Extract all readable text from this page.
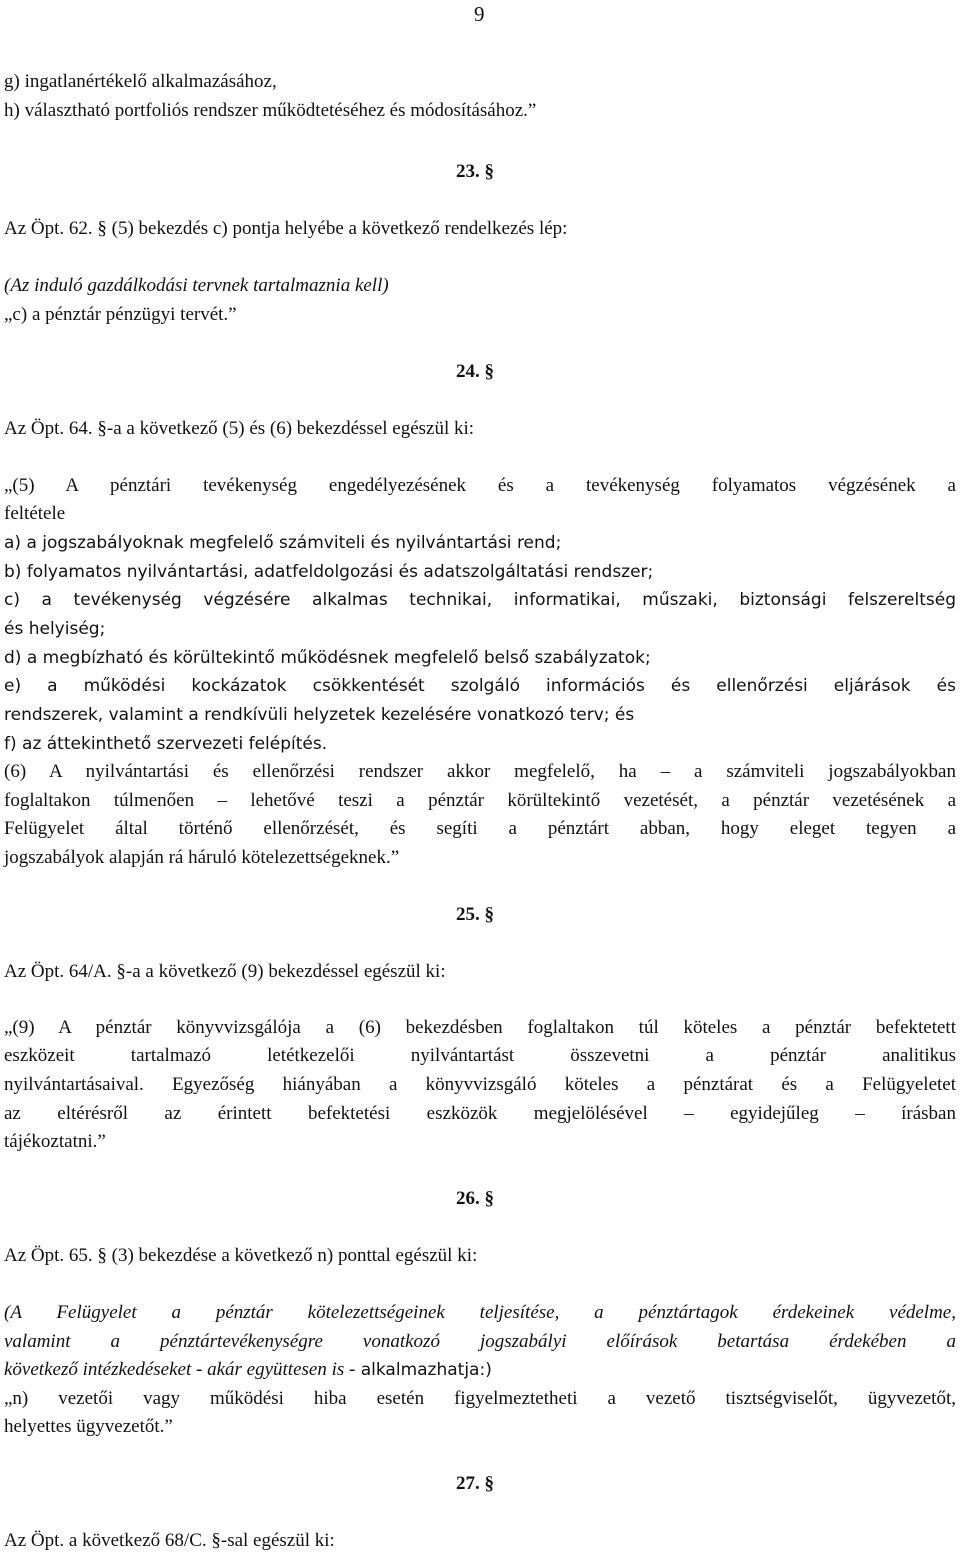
9
g) ingatlanértékelő alkalmazásához,
h) választható portfoliós rendszer működtetéséhez és módosításához.”
23. §
Az Öpt. 62. § (5) bekezdés c) pontja helyébe a következő rendelkezés lép:
(Az induló gazdálkodási tervnek tartalmaznia kell)
„c) a pénztár pénzügyi tervét.”
24. §
Az Öpt. 64. §-a a következő (5) és (6) bekezdéssel egészül ki:
„(5) A pénztári tevékenység engedélyezésének és a tevékenység folyamatos végzésének a
feltétele
a) a jogszabályoknak megfelelő számviteli és nyilvántartási rend;
b) folyamatos nyilvántartási, adatfeldolgozási és adatszolgáltatási rendszer;
c) a tevékenység végzésére alkalmas technikai, informatikai, műszaki, biztonsági felszereltség
és helyiség;
d) a megbízható és körültekintő működésnek megfelelő belső szabályzatok;
e) a működési kockázatok csökkentését szolgáló információs és ellenőrzési eljárások és
rendszerek, valamint a rendkívüli helyzetek kezelésére vonatkozó terv; és
f) az áttekinthető szervezeti felépítés.
(6) A nyilvántartási és ellenőrzési rendszer akkor megfelelő, ha – a számviteli jogszabályokban
foglaltakon túlmenően – lehetővé teszi a pénztár körültekintő vezetését, a pénztár vezetésének a
Felügyelet által történő ellenőrzését, és segíti a pénztárt abban, hogy eleget tegyen a
jogszabályok alapján rá háruló kötelezettségeknek.”
25. §
Az Öpt. 64/A. §-a a következő (9) bekezdéssel egészül ki:
„(9) A pénztár könyvvizsgálója a (6) bekezdésben foglaltakon túl köteles a pénztár befektetett
eszközeit tartalmazó letétkezelői nyilvántartást összevetni a pénztár analitikus
nyilvántartásaival. Egyezőség hiányában a könyvvizsgáló köteles a pénztárat és a Felügyeletet
az eltérésről az érintett befektetési eszközök megjelölésével – egyidejűleg – írásban
tájékoztatni.”
26. §
Az Öpt. 65. § (3) bekezdése a következő n) ponttal egészül ki:
(A Felügyelet a pénztár kötelezettségeinek teljesítése, a pénztártagok érdekeinek védelme,
valamint a pénztártevékenységre vonatkozó jogszabályi előírások betartása érdekében a
következő intézkedéseket - akár együttesen is - alkalmazhatja:)
„n) vezetői vagy működési hiba esetén figyelmeztetheti a vezető tisztségviselőt, ügyvezetőt,
helyettes ügyvezetőt.”
27. §
Az Öpt. a következő 68/C. §-sal egészül ki:
